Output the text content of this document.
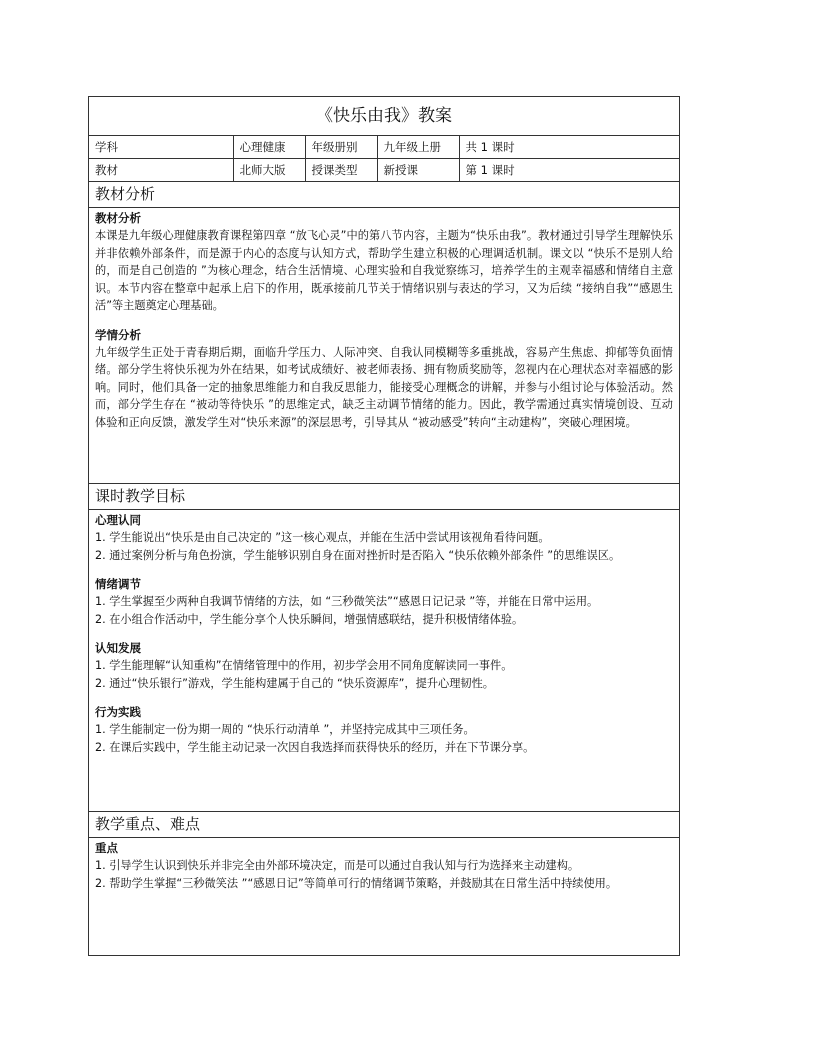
《快乐由我》教案
学科	心理健康	年级册别	九年级上册	共 1 课时
教材	北师大版	授课类型	新授课	第 1 课时
教材分析
教材分析
本课是九年级心理健康教育课程第四章 “放飞心灵”中的第八节内容，主题为“快乐由我”。教材通过引导学生理解快乐并非依赖外部条件，而是源于内心的态度与认知方式，帮助学生建立积极的心理调适机制。课文以 “快乐不是别人给的，而是自己创造的 ”为核心理念，结合生活情境、心理实验和自我觉察练习，培养学生的主观幸福感和情绪自主意识。本节内容在整章中起承上启下的作用，既承接前几节关于情绪识别与表达的学习，又为后续 “接纳自我”“感恩生活”等主题奠定心理基础。
学情分析
九年级学生正处于青春期后期，面临升学压力、人际冲突、自我认同模糊等多重挑战，容易产生焦虑、抑郁等负面情绪。部分学生将快乐视为外在结果，如考试成绩好、被老师表扬、拥有物质奖励等，忽视内在心理状态对幸福感的影响。同时，他们具备一定的抽象思维能力和自我反思能力，能接受心理概念的讲解，并参与小组讨论与体验活动。然而，部分学生存在 “被动等待快乐 ”的思维定式，缺乏主动调节情绪的能力。因此，教学需通过真实情境创设、互动体验和正向反馈，激发学生对“快乐来源”的深层思考，引导其从 “被动感受”转向“主动建构”，突破心理困境。
课时教学目标
心理认同
1. 学生能说出“快乐是由自己决定的 ”这一核心观点，并能在生活中尝试用该视角看待问题。
2. 通过案例分析与角色扮演，学生能够识别自身在面对挫折时是否陷入 “快乐依赖外部条件 ”的思维误区。
情绪调节
1. 学生掌握至少两种自我调节情绪的方法，如 “三秒微笑法”“感恩日记记录 ”等，并能在日常中运用。
2. 在小组合作活动中，学生能分享个人快乐瞬间，增强情感联结，提升积极情绪体验。
认知发展
1. 学生能理解“认知重构”在情绪管理中的作用，初步学会用不同角度解读同一事件。
2. 通过“快乐银行”游戏，学生能构建属于自己的 “快乐资源库”，提升心理韧性。
行为实践
1. 学生能制定一份为期一周的 “快乐行动清单 ”，并坚持完成其中三项任务。
2. 在课后实践中，学生能主动记录一次因自我选择而获得快乐的经历，并在下节课分享。
教学重点、难点
重点
1. 引导学生认识到快乐并非完全由外部环境决定，而是可以通过自我认知与行为选择来主动建构。
2. 帮助学生掌握“三秒微笑法 ”“感恩日记”等简单可行的情绪调节策略，并鼓励其在日常生活中持续使用。
